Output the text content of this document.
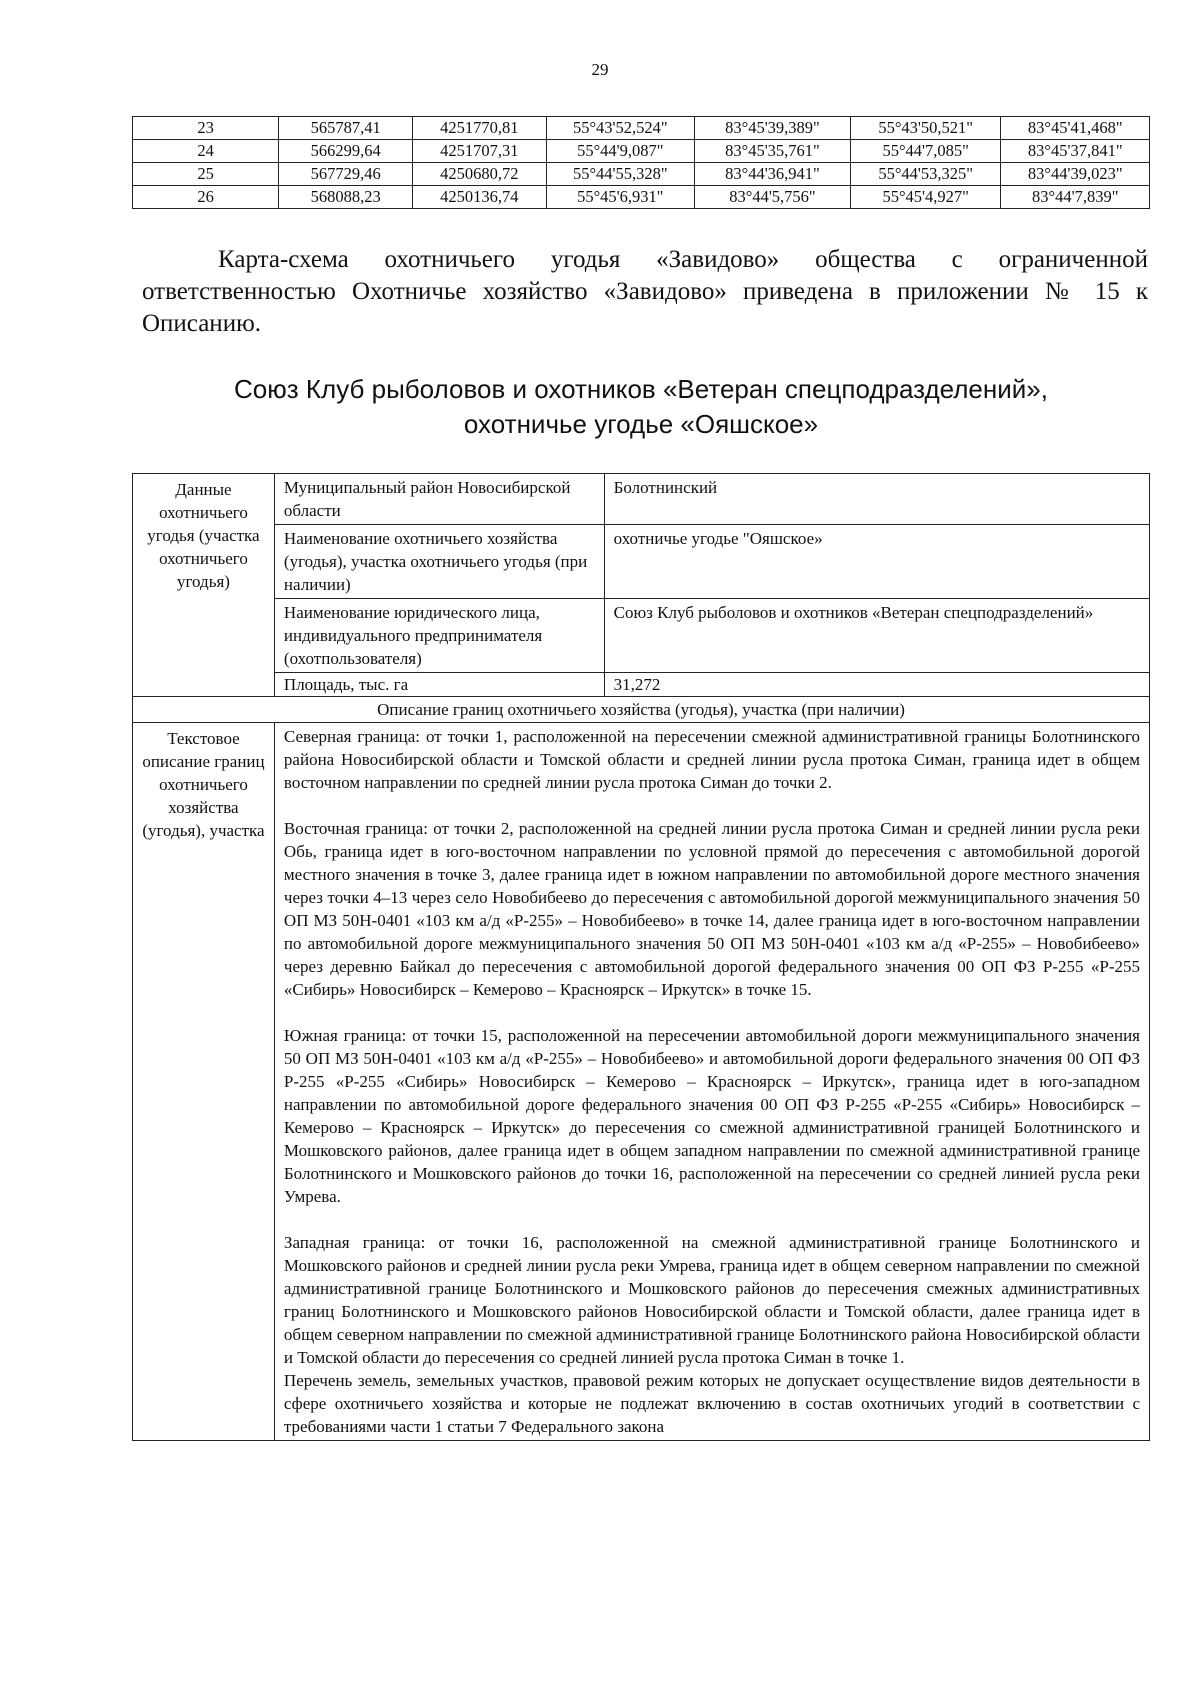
29
23	565787,41	4251770,81	55°43'52,524"	83°45'39,389"	55°43'50,521"	83°45'41,468"
24	566299,64	4251707,31	55°44'9,087"	83°45'35,761"	55°44'7,085"	83°45'37,841"
25	567729,46	4250680,72	55°44'55,328"	83°44'36,941"	55°44'53,325"	83°44'39,023"
26	568088,23	4250136,74	55°45'6,931"	83°44'5,756"	55°45'4,927"	83°44'7,839"

Карта-схема охотничьего угодья «Завидово» общества с ограниченной ответственностью Охотничье хозяйство «Завидово» приведена в приложении № 15 к Описанию.

Союз Клуб рыболовов и охотников «Ветеран спецподразделений»,
охотничье угодье «Ояшское»
Данные охотничьего угодья (участка охотничьего угодья)	Муниципальный район Новосибирской области	Болотнинский
	Наименование охотничьего хозяйства (угодья), участка охотничьего угодья (при наличии)	охотничье угодье "Ояшское»
	Наименование юридического лица, индивидуального предпринимателя (охотпользователя)	Союз Клуб рыболовов и охотников «Ветеран спецподразделений»
	Площадь, тыс. га	31,272
Описание границ охотничьего хозяйства (угодья), участка (при наличии)		
Текстовое описание границ охотничьего хозяйства (угодья), участка	Северная граница: от точки 1, расположенной на пересечении смежной административной границы Болотнинского района Новосибирской области и Томской области и средней линии русла протока Симан, граница идет в общем восточном направлении по средней линии русла протока Симан до точки 2.

Восточная граница: от точки 2, расположенной на средней линии русла протока Симан и средней линии русла реки Обь, граница идет в юго-восточном направлении по условной прямой до пересечения с автомобильной дорогой местного значения в точке 3, далее граница идет в южном направлении по автомобильной дороге местного значения через точки 4–13 через село Новобибеево до пересечения с автомобильной дорогой межмуниципального значения 50 ОП МЗ 50Н-0401 «103 км а/д «Р-255» – Новобибеево» в точке 14, далее граница идет в юго-восточном направлении по автомобильной дороге межмуниципального значения 50 ОП МЗ 50Н-0401 «103 км а/д «Р-255» – Новобибеево» через деревню Байкал до пересечения с автомобильной дорогой федерального значения 00 ОП ФЗ Р-255 «Р-255 «Сибирь» Новосибирск – Кемерово – Красноярск – Иркутск» в точке 15.

Южная граница: от точки 15, расположенной на пересечении автомобильной дороги межмуниципального значения 50 ОП МЗ 50Н-0401 «103 км а/д «Р-255» – Новобибеево» и автомобильной дороги федерального значения 00 ОП ФЗ Р-255 «Р-255 «Сибирь» Новосибирск – Кемерово – Красноярск – Иркутск», граница идет в юго-западном направлении по автомобильной дороге федерального значения 00 ОП ФЗ Р-255 «Р-255 «Сибирь» Новосибирск – Кемерово – Красноярск – Иркутск» до пересечения со смежной административной границей Болотнинского и Мошковского районов, далее граница идет в общем западном направлении по смежной административной границе Болотнинского и Мошковского районов до точки 16, расположенной на пересечении со средней линией русла реки Умрева.

Западная граница: от точки 16, расположенной на смежной административной границе Болотнинского и Мошковского районов и средней линии русла реки Умрева, граница идет в общем северном направлении по смежной административной границе Болотнинского и Мошковского районов до пересечения смежных административных границ Болотнинского и Мошковского районов Новосибирской области и Томской области, далее граница идет в общем северном направлении по смежной административной границе Болотнинского района Новосибирской области и Томской области до пересечения со средней линией русла протока Симан в точке 1.

Перечень земель, земельных участков, правовой режим которых не допускает осуществление видов деятельности в сфере охотничьего хозяйства и которые не подлежат включению в состав охотничьих угодий в соответствии с требованиями части 1 статьи 7 Федерального закона	
